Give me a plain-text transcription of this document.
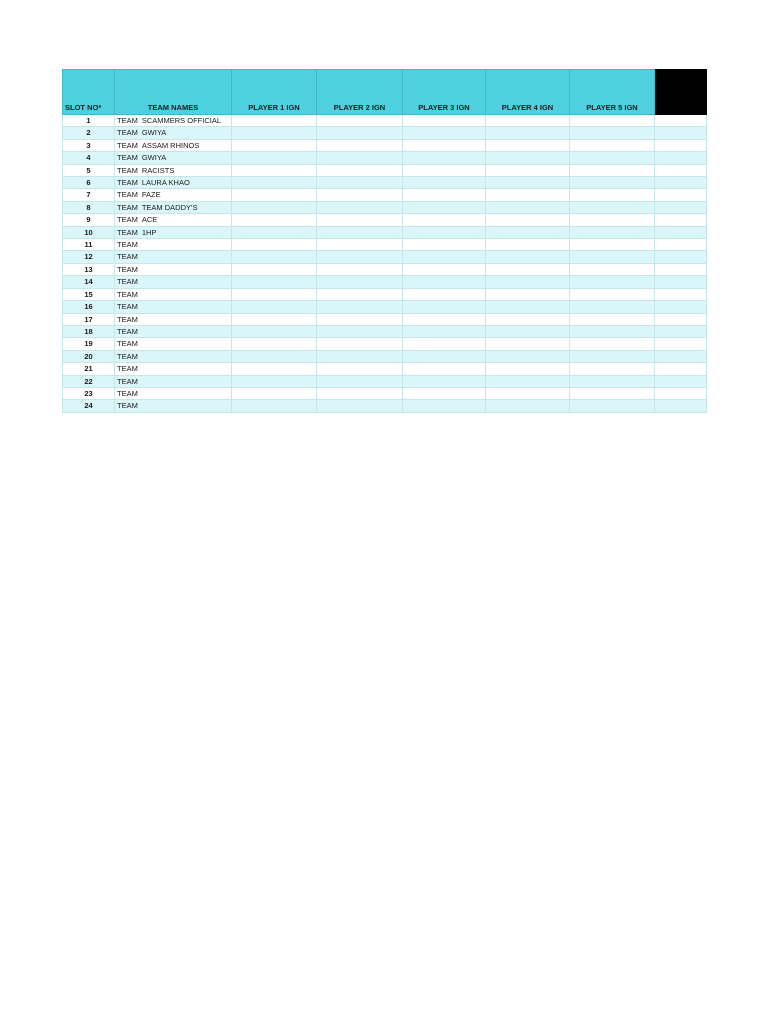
SLOT NO*	TEAM NAMES	PLAYER 1 IGN	PLAYER 2 IGN	PLAYER 3 IGN	PLAYER 4 IGN	PLAYER 5 IGN	
1	TEAM SCAMMERS OFFICIAL						
2	TEAM GWIYA						
3	TEAM ASSAM RHINOS						
4	TEAM GWIYA						
5	TEAM RACISTS						
6	TEAM LAURA KHAO						
7	TEAM FAZE						
8	TEAM TEAM DADDY'S						
9	TEAM ACE						
10	TEAM 1HP						
11	TEAM						
12	TEAM						
13	TEAM						
14	TEAM						
15	TEAM						
16	TEAM						
17	TEAM						
18	TEAM						
19	TEAM						
20	TEAM						
21	TEAM						
22	TEAM						
23	TEAM						
24	TEAM						
